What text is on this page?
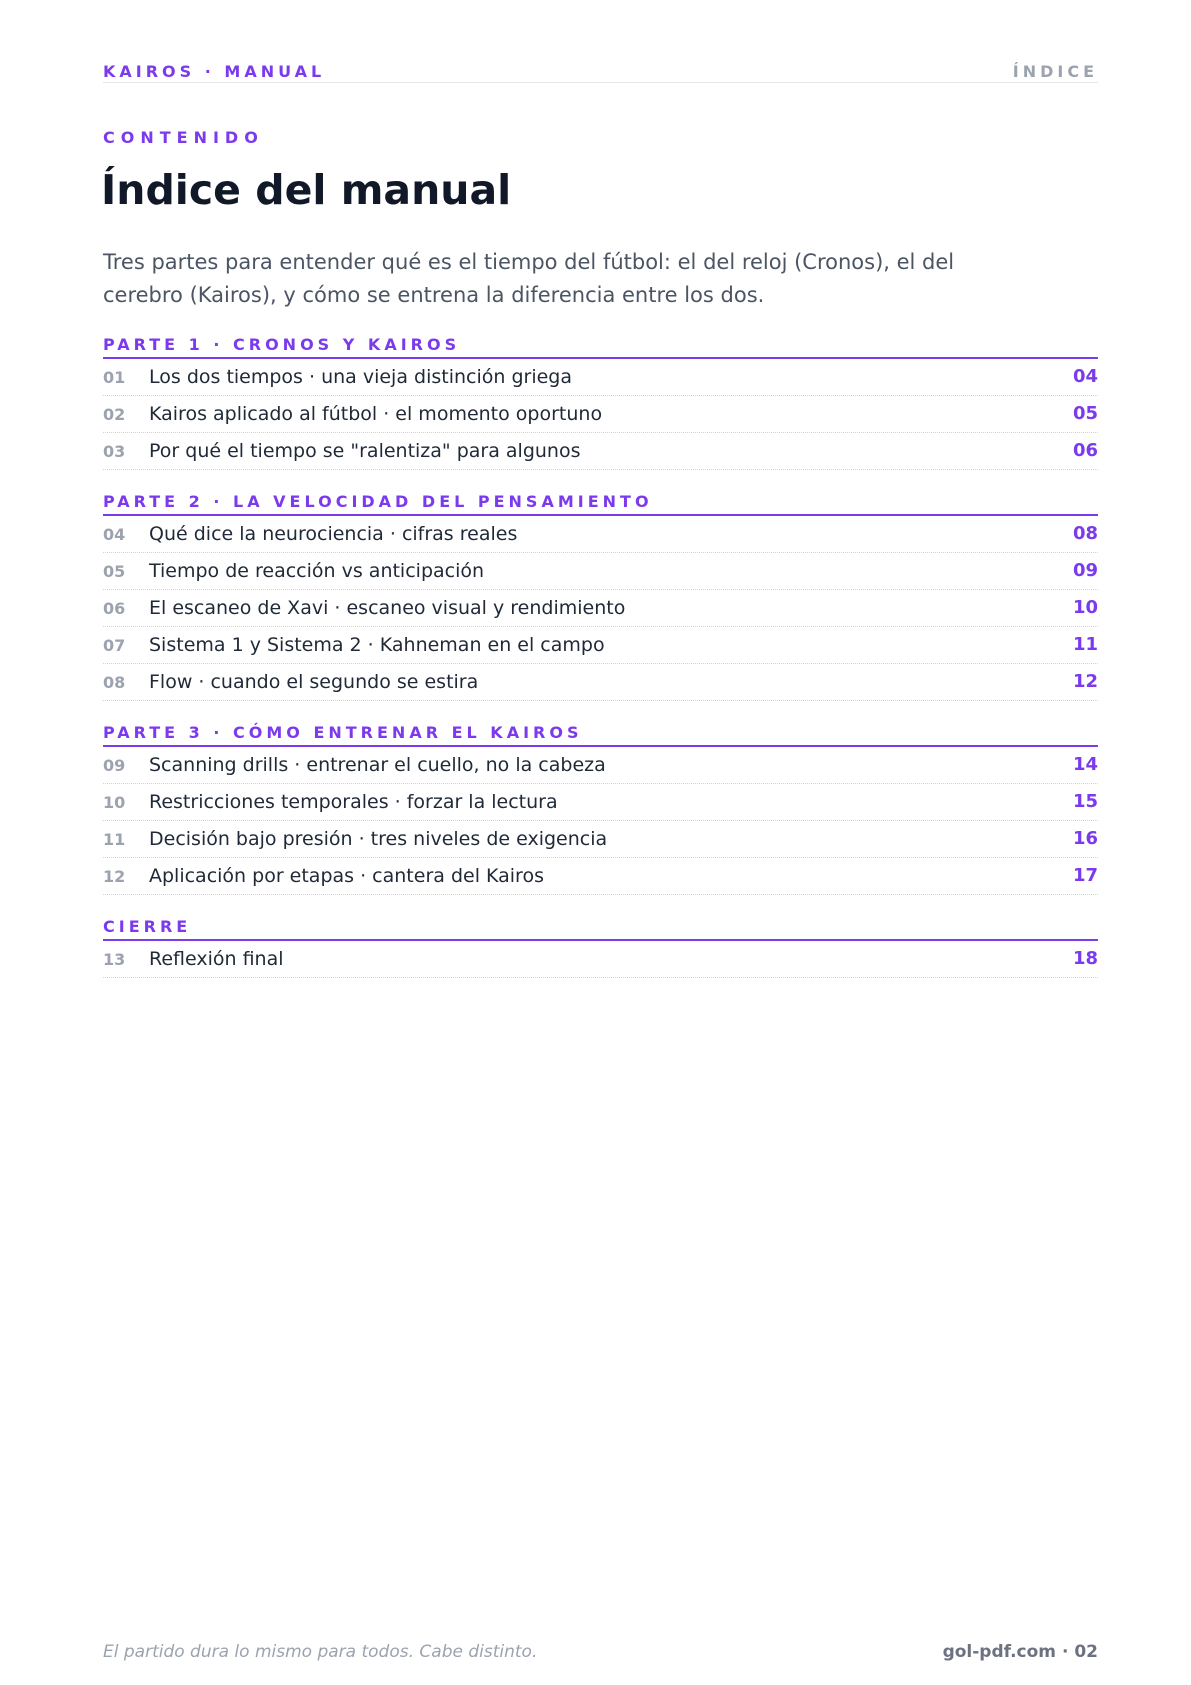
KAIROS · MANUAL	ÍNDICE
CONTENIDO
Índice del manual

Tres partes para entender qué es el tiempo del fútbol: el del reloj (Cronos), el del cerebro (Kairos), y cómo se entrena la diferencia entre los dos.

PARTE 1 · CRONOS Y KAIROS
01 Los dos tiempos · una vieja distinción griega	04
02 Kairos aplicado al fútbol · el momento oportuno	05
03 Por qué el tiempo se "ralentiza" para algunos	06
PARTE 2 · LA VELOCIDAD DEL PENSAMIENTO
04 Qué dice la neurociencia · cifras reales	08
05 Tiempo de reacción vs anticipación	09
06 El escaneo de Xavi · escaneo visual y rendimiento	10
07 Sistema 1 y Sistema 2 · Kahneman en el campo	11
08 Flow · cuando el segundo se estira	12
PARTE 3 · CÓMO ENTRENAR EL KAIROS
09 Scanning drills · entrenar el cuello, no la cabeza	14
10 Restricciones temporales · forzar la lectura	15
11 Decisión bajo presión · tres niveles de exigencia	16
12 Aplicación por etapas · cantera del Kairos	17
CIERRE
13 Reflexión final	18
El partido dura lo mismo para todos. Cabe distinto.	gol-pdf.com · 02
